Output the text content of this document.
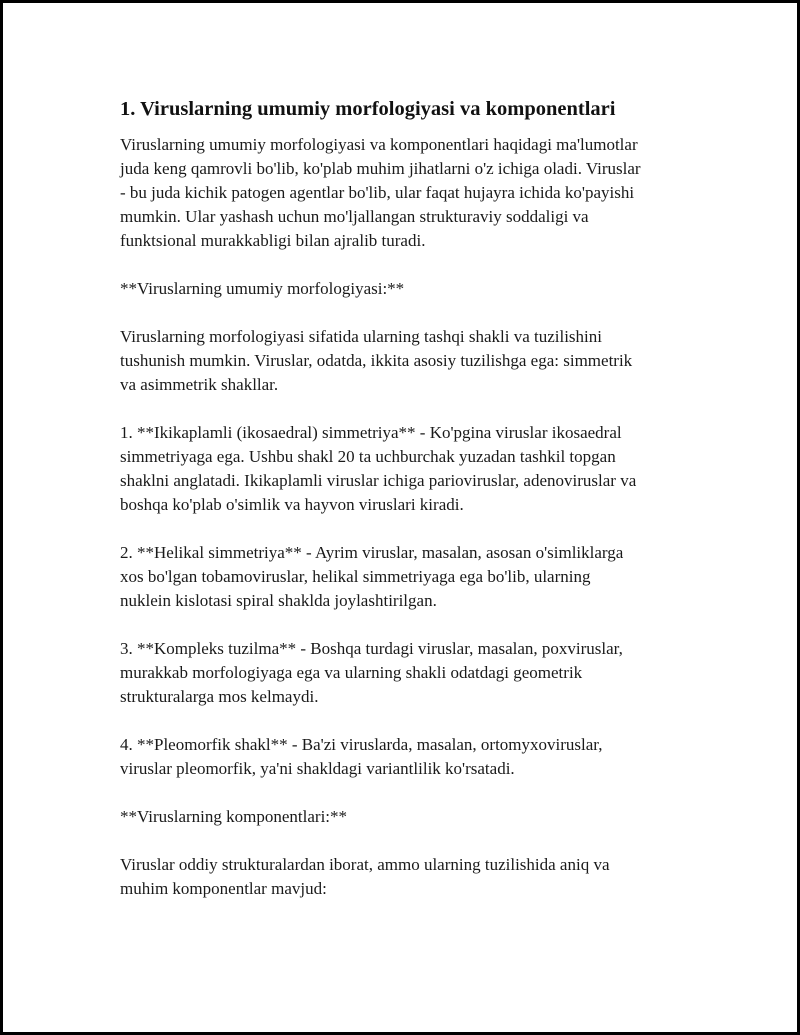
1. Viruslarning umumiy morfologiyasi va komponentlari

Viruslarning umumiy morfologiyasi va komponentlari haqidagi ma'lumotlar
juda keng qamrovli bo'lib, ko'plab muhim jihatlarni o'z ichiga oladi. Viruslar
- bu juda kichik patogen agentlar bo'lib, ular faqat hujayra ichida ko'payishi
mumkin. Ular yashash uchun mo'ljallangan strukturaviy soddaligi va
funktsional murakkabligi bilan ajralib turadi.

**Viruslarning umumiy morfologiyasi:**

Viruslarning morfologiyasi sifatida ularning tashqi shakli va tuzilishini
tushunish mumkin. Viruslar, odatda, ikkita asosiy tuzilishga ega: simmetrik
va asimmetrik shakllar.

1. **Ikikaplamli (ikosaedral) simmetriya** - Ko'pgina viruslar ikosaedral
simmetriyaga ega. Ushbu shakl 20 ta uchburchak yuzadan tashkil topgan
shaklni anglatadi. Ikikaplamli viruslar ichiga parioviruslаr, adenoviruslar va
boshqa ko'plab o'simlik va hayvon viruslari kiradi.

2. **Helikal simmetriya** - Ayrim viruslar, masalan, asosan o'simliklarga
xos bo'lgan tobamoviruslar, helikal simmetriyaga ega bo'lib, ularning
nuklein kislotasi spiral shaklda joylashtirilgan.

3. **Kompleks tuzilma** - Boshqa turdagi viruslar, masalan, poxviruslar,
murakkab morfologiyaga ega va ularning shakli odatdagi geometrik
strukturalarga mos kelmaydi.

4. **Pleomorfik shakl** - Ba'zi viruslarda, masalan, ortomyxoviruslar,
viruslar pleomorfik, ya'ni shakldagi variantlilik ko'rsatadi.

**Viruslarning komponentlari:**

Viruslar oddiy strukturalardan iborat, ammo ularning tuzilishida aniq va
muhim komponentlar mavjud:
